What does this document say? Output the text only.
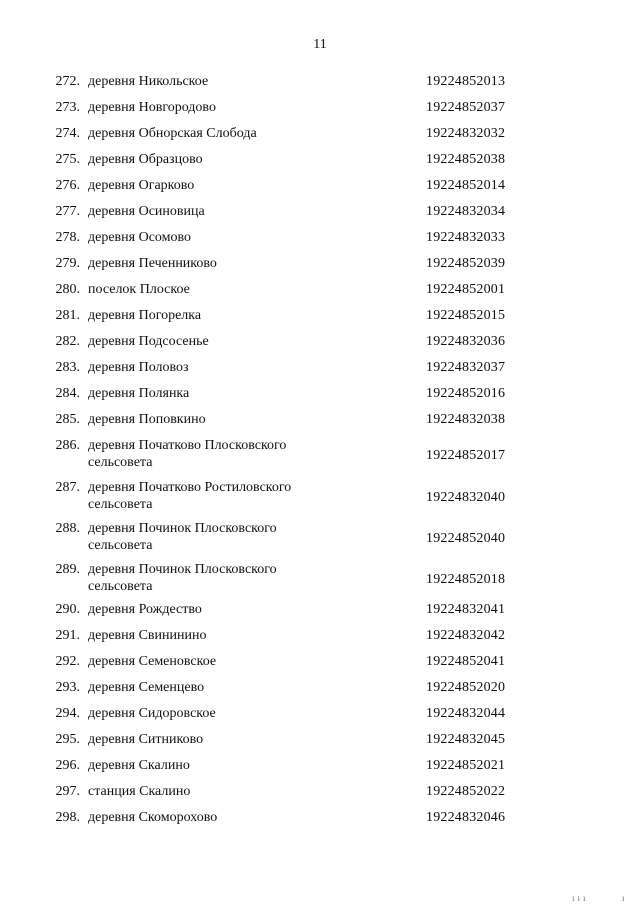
11
272. деревня Никольское	19224852013
273. деревня Новгородово	19224852037
274. деревня Обнорская Слобода	19224832032
275. деревня Образцово	19224852038
276. деревня Огарково	19224852014
277. деревня Осиновица	19224832034
278. деревня Осомово	19224832033
279. деревня Печенниково	19224852039
280. поселок Плоское	19224852001
281. деревня Погорелка	19224852015
282. деревня Подсосенье	19224832036
283. деревня Половоз	19224832037
284. деревня Полянка	19224852016
285. деревня Поповкино	19224832038
286. деревня Початково Плосковского сельсовета	19224852017
287. деревня Початково Ростиловского сельсовета	19224832040
288. деревня Починок Плосковского сельсовета	19224852040
289. деревня Починок Плосковского сельсовета	19224852018
290. деревня Рождество	19224832041
291. деревня Свининино	19224832042
292. деревня Семеновское	19224852041
293. деревня Семенцево	19224852020
294. деревня Сидоровское	19224832044
295. деревня Ситниково	19224832045
296. деревня Скалино	19224852021
297. станция Скалино	19224852022
298. деревня Скоморохово	19224832046
ııı	ı
